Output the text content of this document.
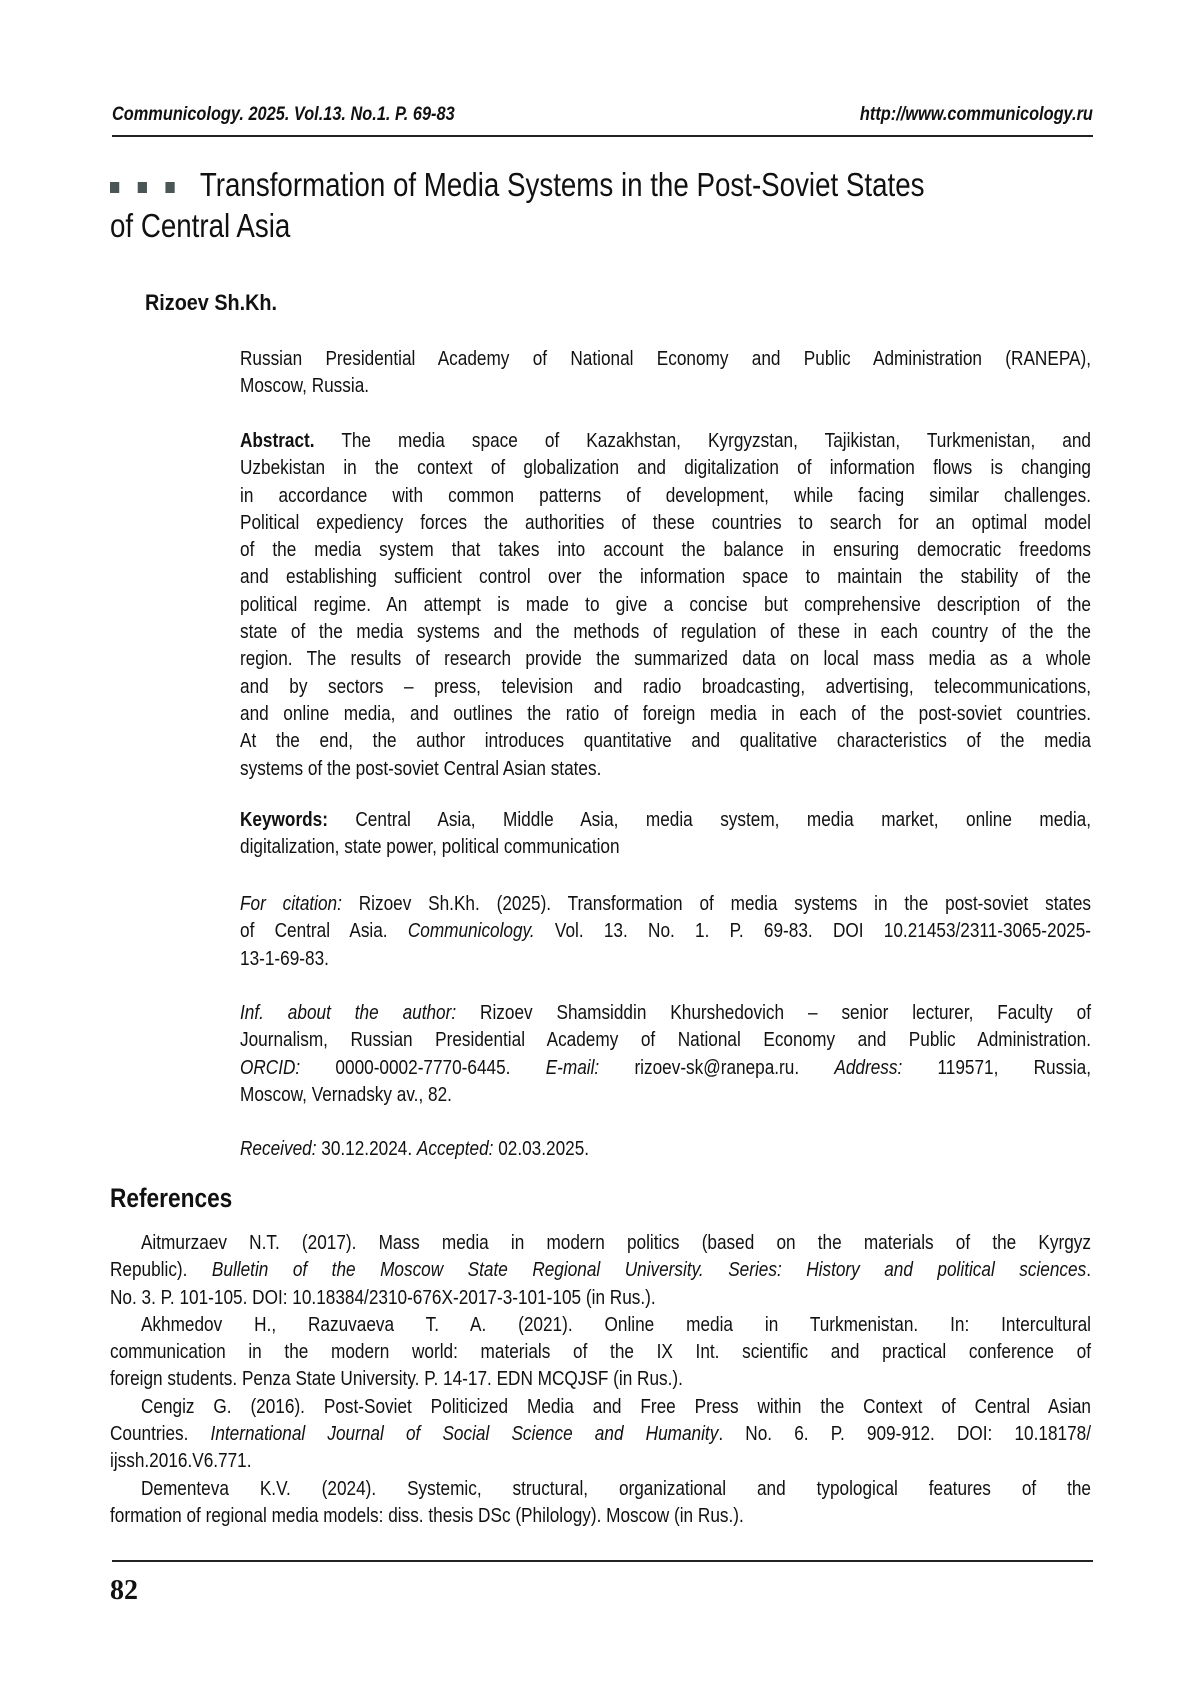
Communicology. 2025. Vol.13. No.1. P. 69-83	http://www.communicology.ru
Transformation of Media Systems in the Post-Soviet States
of Central Asia
Rizoev Sh.Kh.
Russian Presidential Academy of National Economy and Public Administration (RANEPA),
Moscow, Russia.
Abstract. The media space of Kazakhstan, Kyrgyzstan, Tajikistan, Turkmenistan, and
Uzbekistan in the context of globalization and digitalization of information flows is changing
in accordance with common patterns of development, while facing similar challenges.
Political expediency forces the authorities of these countries to search for an optimal model
of the media system that takes into account the balance in ensuring democratic freedoms
and establishing sufficient control over the information space to maintain the stability of the
political regime. An attempt is made to give a concise but comprehensive description of the
state of the media systems and the methods of regulation of these in each country of the the
region. The results of research provide the summarized data on local mass media as a whole
and by sectors – press, television and radio broadcasting, advertising, telecommunications,
and online media, and outlines the ratio of foreign media in each of the post-soviet countries.
At the end, the author introduces quantitative and qualitative characteristics of the media
systems of the post-soviet Central Asian states.
Keywords: Central Asia, Middle Asia, media system, media market, online media,
digitalization, state power, political communication
For citation: Rizoev Sh.Kh. (2025). Transformation of media systems in the post-soviet states
of Central Asia. Communicology. Vol. 13. No. 1. P. 69-83. DOI 10.21453/2311-3065-2025-
13-1-69-83.
Inf. about the author: Rizoev Shamsiddin Khurshedovich – senior lecturer, Faculty of
Journalism, Russian Presidential Academy of National Economy and Public Administration.
ORCID: 0000-0002-7770-6445. E-mail: rizoev-sk@ranepa.ru. Address: 119571, Russia,
Moscow, Vernadsky av., 82.
Received: 30.12.2024. Accepted: 02.03.2025.
References
Aitmurzaev N.T. (2017). Mass media in modern politics (based on the materials of the Kyrgyz
Republic). Bulletin of the Moscow State Regional University. Series: History and political sciences.
No. 3. P. 101-105. DOI: 10.18384/2310-676X-2017-3-101-105 (in Rus.).
Akhmedov H., Razuvaeva T. A. (2021). Online media in Turkmenistan. In: Intercultural
communication in the modern world: materials of the IX Int. scientific and practical conference of
foreign students. Penza State University. P. 14-17. EDN MCQJSF (in Rus.).
Cengiz G. (2016). Post-Soviet Politicized Media and Free Press within the Context of Central Asian
Countries. International Journal of Social Science and Humanity. No. 6. P. 909-912. DOI: 10.18178/
ijssh.2016.V6.771.
Dementeva K.V. (2024). Systemic, structural, organizational and typological features of the
formation of regional media models: diss. thesis DSc (Philology). Moscow (in Rus.).
82
